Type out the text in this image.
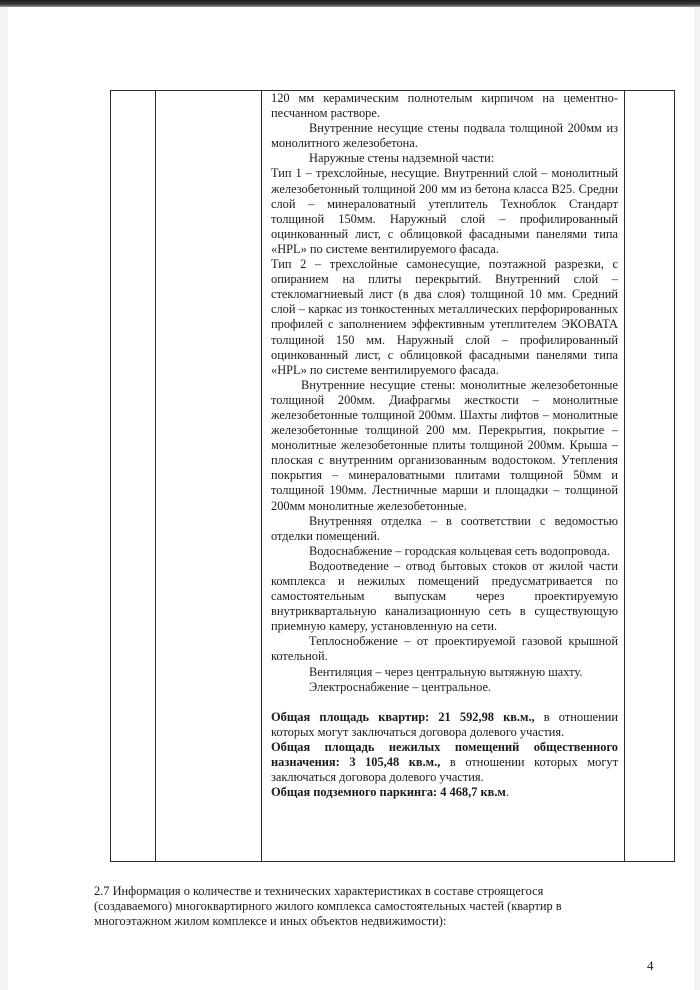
120 мм керамическим полнотелым кирпичом на цементно-песчанном растворе.

Внутренние несущие стены подвала толщиной 200мм из монолитного железобетона.

Наружные стены надземной части:

Тип 1 – трехслойные, несущие. Внутренний слой – монолитный железобетонный толщиной 200 мм из бетона класса B25. Средни слой – минераловатный утеплитель Техноблок Стандарт толщиной 150мм. Наружный слой – профилированный оцинкованный лист, с облицовкой фасадными панелями типа «HPL» по системе вентилируемого фасада.

Тип 2 – трехслойные самонесущие, поэтажной разрезки, с опиранием на плиты перекрытий. Внутренний слой – стекломагниевый лист (в два слоя) толщиной 10 мм. Средний слой – каркас из тонкостенных металлических перфорированных профилей с заполнением эффективным утеплителем ЭКОВАТА толщиной 150 мм. Наружный слой – профилированный оцинкованный лист, с облицовкой фасадными панелями типа «HPL» по системе вентилируемого фасада.

Внутренние несущие стены: монолитные железобетонные толщиной 200мм. Диафрагмы жесткости – монолитные железобетонные толщиной 200мм. Шахты лифтов – монолитные железобетонные толщиной 200 мм. Перекрытия, покрытие – монолитные железобетонные плиты толщиной 200мм. Крыша – плоская с внутренним организованным водостоком. Утепления покрытия – минераловатными плитами толщиной 50мм и толщиной 190мм. Лестничные марши и площадки – толщиной 200мм монолитные железобетонные.

Внутренняя отделка – в соответствии с ведомостью отделки помещений.

Водоснабжение – городская кольцевая сеть водопровода.

Водоотведение – отвод бытовых стоков от жилой части комплекса и нежилых помещений предусматривается по самостоятельным выпускам через проектируемую внутриквартальную канализационную сеть в существующую приемную камеру, установленную на сети.

Теплоснобжение – от проектируемой газовой крышной котельной.

Вентиляция – через центральную вытяжную шахту.

Электроснабжение – центральное.

Общая площадь квартир: 21 592,98 кв.м., в отношении которых могут заключаться договора долевого участия.

Общая площадь нежилых помещений общественного назначения: 3 105,48 кв.м., в отношении которых могут заключаться договора долевого участия.

Общая подземного паркинга: 4 468,7 кв.м.

2.7 Информация о количестве и технических характеристиках в составе строящегося (создаваемого) многоквартирного жилого комплекса самостоятельных частей (квартир в многоэтажном жилом комплексе и иных объектов недвижимости):

4
